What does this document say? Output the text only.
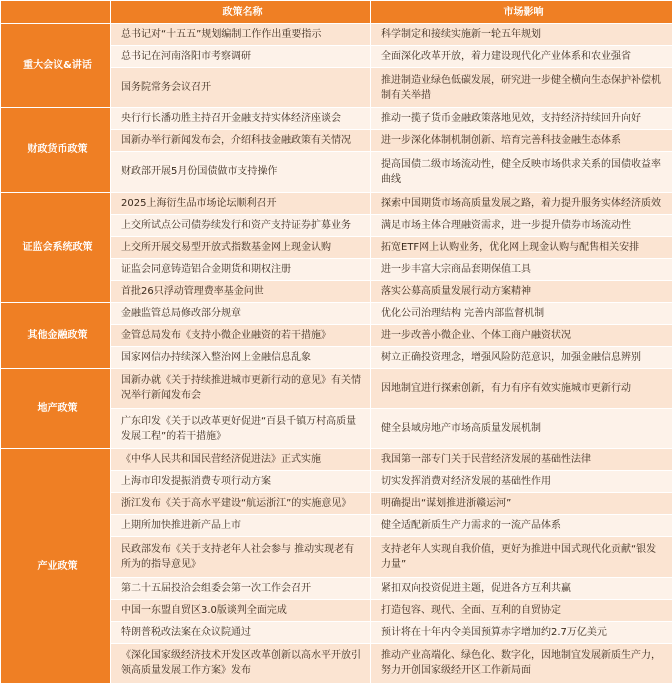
	政策名称	市场影响
重大会议&讲话	总书记对“十五五”规划编制工作作出重要指示	科学制定和接续实施新一轮五年规划
	总书记在河南洛阳市考察调研	全面深化改革开放，着力建设现代化产业体系和农业强省
	国务院常务会议召开	推进制造业绿色低碳发展，研究进一步健全横向生态保护补偿机制有关举措
财政货币政策	央行行长潘功胜主持召开金融支持实体经济座谈会	推动一揽子货币金融政策落地见效，支持经济持续回升向好
	国新办举行新闻发布会，介绍科技金融政策有关情况	进一步深化体制机制创新、培育完善科技金融生态体系
	财政部开展5月份国债做市支持操作	提高国债二级市场流动性，健全反映市场供求关系的国债收益率曲线
证监会系统政策	2025上海衍生品市场论坛顺利召开	探索中国期货市场高质量发展之路，着力提升服务实体经济质效
	上交所试点公司债券续发行和资产支持证券扩募业务	满足市场主体合理融资需求，进一步提升债券市场流动性
	上交所开展交易型开放式指数基金网上现金认购	拓宽ETF网上认购业务，优化网上现金认购与配售相关安排
	证监会同意铸造铝合金期货和期权注册	进一步丰富大宗商品套期保值工具
	首批26只浮动管理费率基金问世	落实公募高质量发展行动方案精神
其他金融政策	金融监管总局修改部分规章	优化公司治理结构 完善内部监督机制
	金管总局发布《支持小微企业融资的若干措施》	进一步改善小微企业、个体工商户融资状况
	国家网信办持续深入整治网上金融信息乱象	树立正确投资理念，增强风险防范意识，加强金融信息辨别
地产政策	国新办就《关于持续推进城市更新行动的意见》有关情况举行新闻发布会	因地制宜进行探索创新，有力有序有效实施城市更新行动
	广东印发《关于以改革更好促进“百县千镇万村高质量发展工程”的若干措施》	健全县域房地产市场高质量发展机制
产业政策	《中华人民共和国民营经济促进法》正式实施	我国第一部专门关于民营经济发展的基础性法律
	上海市印发提振消费专项行动方案	切实发挥消费对经济发展的基础性作用
	浙江发布《关于高水平建设“航运浙江”的实施意见》	明确提出“谋划推进浙赣运河”
	上期所加快推进新产品上市	健全适配新质生产力需求的一流产品体系
	民政部发布《关于支持老年人社会参与 推动实现老有所为的指导意见》	支持老年人实现自我价值，更好为推进中国式现代化贡献“银发力量”
	第二十五届投洽会组委会第一次工作会召开	紧扣双向投资促进主题，促进各方互利共赢
	中国一东盟自贸区3.0版谈判全面完成	打造包容、现代、全面、互利的自贸协定
	特朗普税改法案在众议院通过	预计将在十年内令美国预算赤字增加约2.7万亿美元
	《深化国家级经济技术开发区改革创新以高水平开放引领高质量发展工作方案》发布	推动产业高端化、绿色化、数字化，因地制宜发展新质生产力，努力开创国家级经开区工作新局面
